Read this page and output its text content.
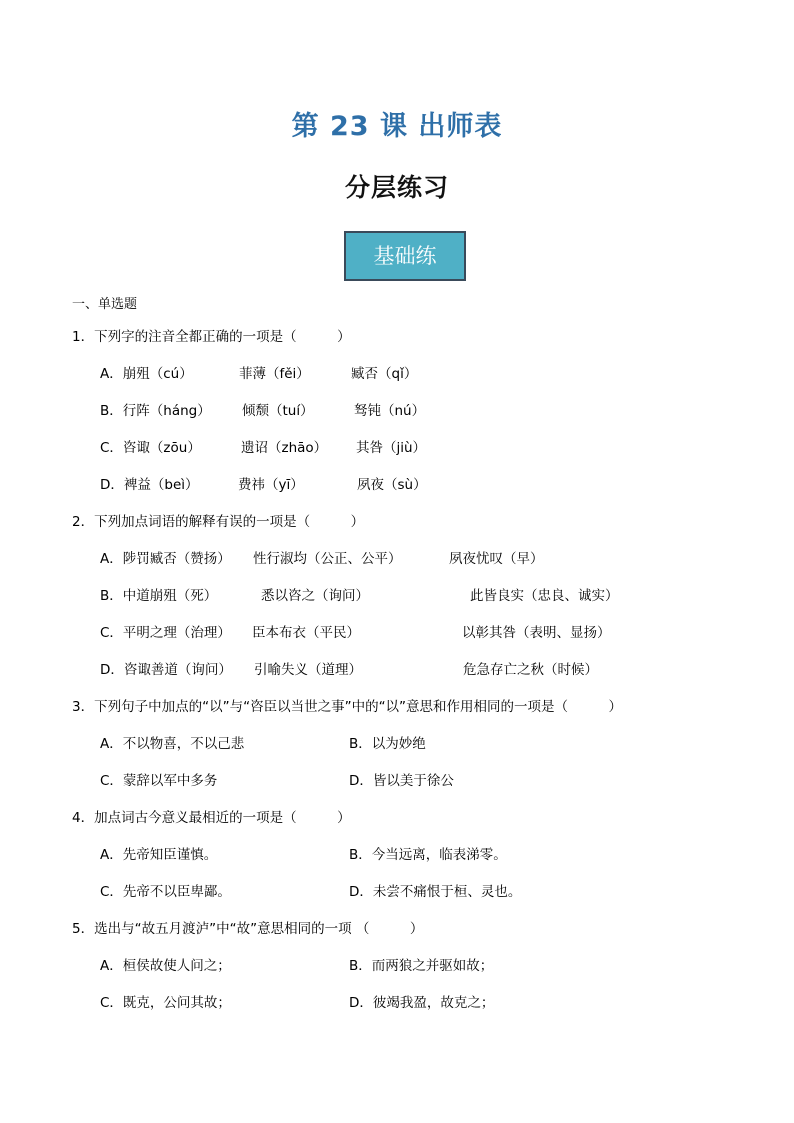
第 23 课 出师表
分层练习
基础练
一、单选题
1．下列字的注音全都正确的一项是（　　　）
A．崩殂（cú）	菲薄（fěi）	臧否（qǐ）
B．行阵（háng） 倾颓（tuí）	驽钝（nú）
C．咨诹（zōu）	遗诏（zhāo） 其咎（jiù）
D．裨益（beì）	费祎（yī）	夙夜（sù）
2．下列加点词语的解释有误的一项是（　　　）
A．陟罚臧否（赞扬） 性行淑均（公正、公平）	夙夜忧叹（早）
B．中道崩殂（死）	悉以咨之（询问）	此皆良实（忠良、诚实）
C．平明之理（治理） 臣本布衣（平民）	以彰其咎（表明、显扬）
D．咨诹善道（询问） 引喻失义（道理）	危急存亡之秋（时候）
3．下列句子中加点的“以”与“咨臣以当世之事”中的“以”意思和作用相同的一项是（　　　）
A．不以物喜，不以己悲	B．以为妙绝
C．蒙辞以军中多务	D．皆以美于徐公
4．加点词古今意义最相近的一项是（　　　）
A．先帝知臣谨慎。	B．今当远离，临表涕零。
C．先帝不以臣卑鄙。	D．未尝不痛恨于桓、灵也。
5．选出与“故五月渡泸”中“故”意思相同的一项 （　　　）
A．桓侯故使人问之；	B．而两狼之并驱如故；
C．既克，公问其故；	D．彼竭我盈，故克之；
